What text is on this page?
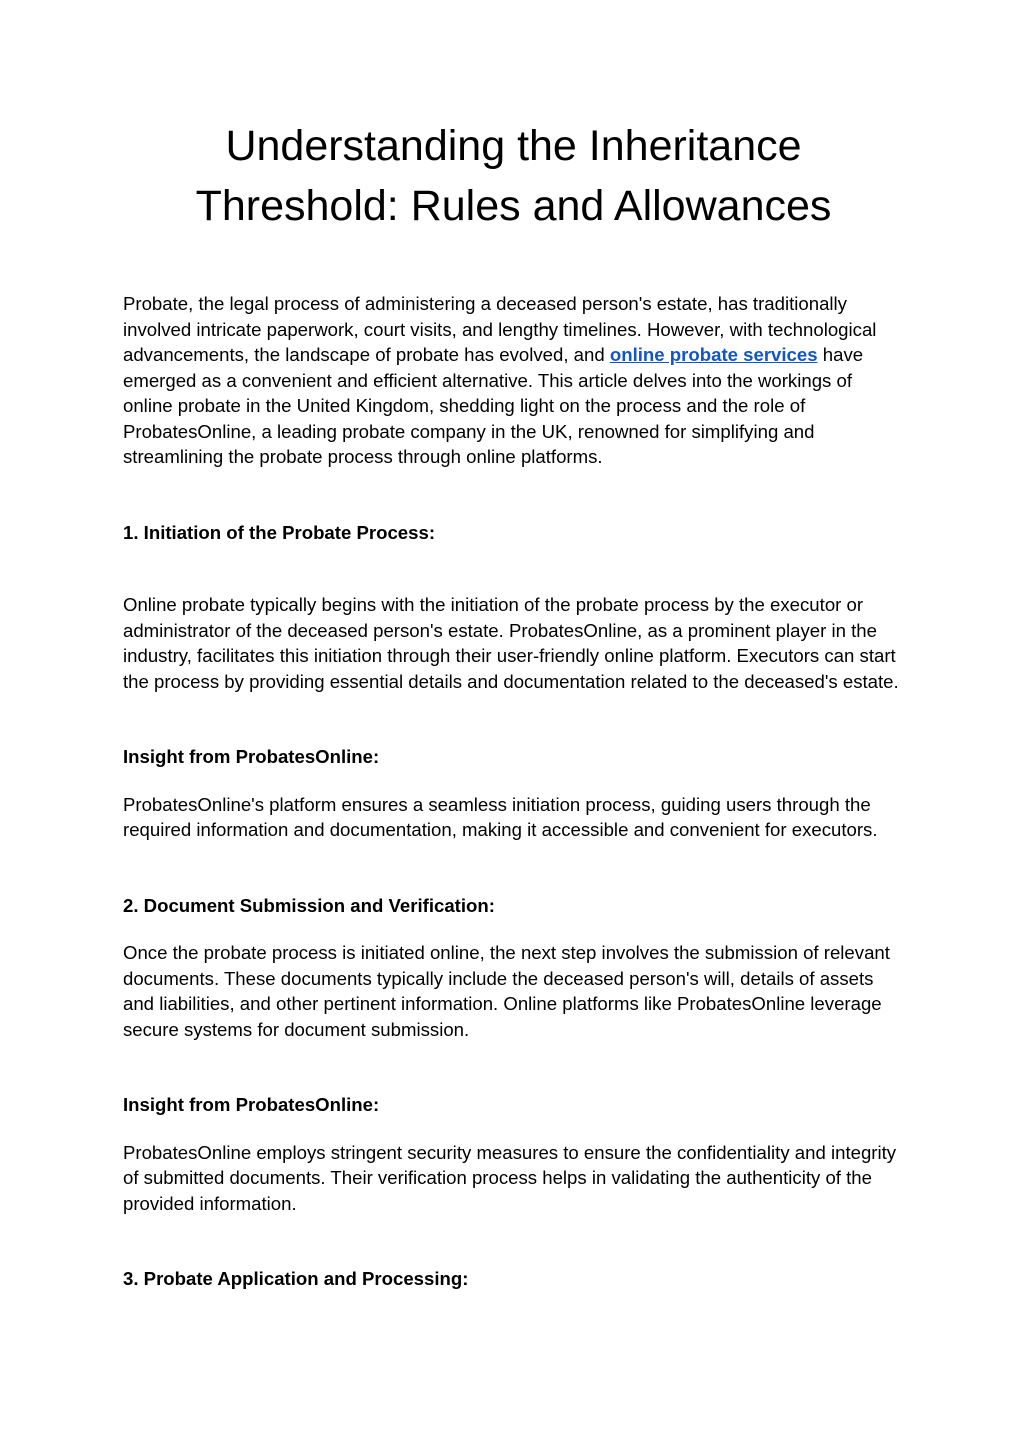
Understanding the Inheritance
Threshold: Rules and Allowances

Probate, the legal process of administering a deceased person's estate, has traditionally involved intricate paperwork, court visits, and lengthy timelines. However, with technological advancements, the landscape of probate has evolved, and online probate services have emerged as a convenient and efficient alternative. This article delves into the workings of online probate in the United Kingdom, shedding light on the process and the role of ProbatesOnline, a leading probate company in the UK, renowned for simplifying and streamlining the probate process through online platforms.

1. Initiation of the Probate Process:

Online probate typically begins with the initiation of the probate process by the executor or administrator of the deceased person's estate. ProbatesOnline, as a prominent player in the industry, facilitates this initiation through their user-friendly online platform. Executors can start the process by providing essential details and documentation related to the deceased's estate.

Insight from ProbatesOnline:

ProbatesOnline's platform ensures a seamless initiation process, guiding users through the required information and documentation, making it accessible and convenient for executors.

2. Document Submission and Verification:

Once the probate process is initiated online, the next step involves the submission of relevant documents. These documents typically include the deceased person's will, details of assets and liabilities, and other pertinent information. Online platforms like ProbatesOnline leverage secure systems for document submission.

Insight from ProbatesOnline:

ProbatesOnline employs stringent security measures to ensure the confidentiality and integrity of submitted documents. Their verification process helps in validating the authenticity of the provided information.

3. Probate Application and Processing:
